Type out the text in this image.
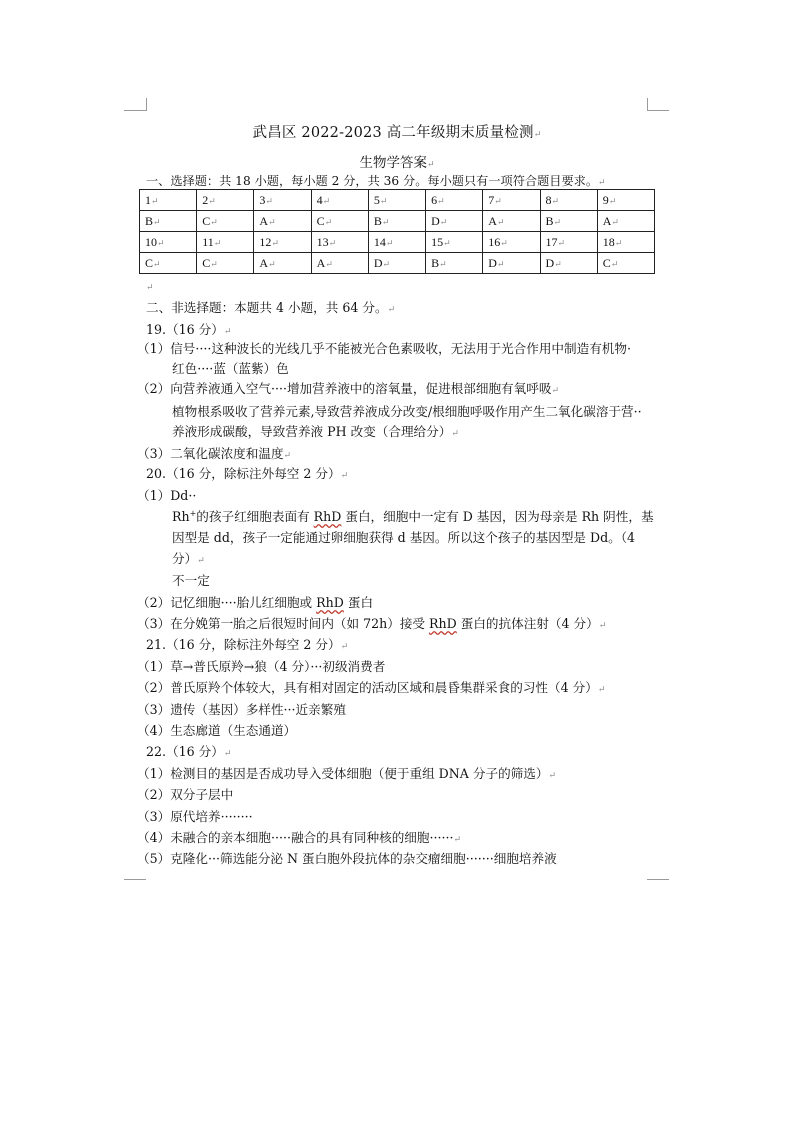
武昌区 2022-2023 高二年级期末质量检测↵
生物学答案↵
一、选择题：共 18 小题，每小题 2 分，共 36 分。每小题只有一项符合题目要求。↵
1↵	2↵	3↵	4↵	5↵	6↵	7↵	8↵	9↵
B↵	C↵	A↵	C↵	B↵	D↵	A↵	B↵	A↵
10↵	11↵	12↵	13↵	14↵	15↵	16↵	17↵	18↵
C↵	C↵	A↵	A↵	D↵	B↵	D↵	D↵	C↵
↵
二、非选择题：本题共 4 小题，共 64 分。↵
19.（16 分）↵
（1）信号····这种波长的光线几乎不能被光合色素吸收，无法用于光合作用中制造有机物·
红色····蓝（蓝紫）色
（2）向营养液通入空气····增加营养液中的溶氧量，促进根部细胞有氧呼吸↵
植物根系吸收了营养元素,导致营养液成分改变/根细胞呼吸作用产生二氧化碳溶于营··
养液形成碳酸，导致营养液 PH 改变（合理给分）↵
（3）二氧化碳浓度和温度↵
20.（16 分，除标注外每空 2 分）↵
（1）Dd··
Rh+的孩子红细胞表面有 RhD 蛋白，细胞中一定有 D 基因，因为母亲是 Rh 阴性，基
因型是 dd，孩子一定能通过卵细胞获得 d 基因。所以这个孩子的基因型是 Dd。（4
分）↵
不一定
（2）记忆细胞····胎儿红细胞或 RhD 蛋白
（3）在分娩第一胎之后很短时间内（如 72h）接受 RhD 蛋白的抗体注射（4 分）↵
21.（16 分，除标注外每空 2 分）↵
（1）草→普氏原羚→狼（4 分）···初级消费者
（2）普氏原羚个体较大，具有相对固定的活动区域和晨昏集群采食的习性（4 分）↵
（3）遗传（基因）多样性···近亲繁殖
（4）生态廊道（生态通道）
22.（16 分）↵
（1）检测目的基因是否成功导入受体细胞（便于重组 DNA 分子的筛选）↵
（2）双分子层中
（3）原代培养········
（4）未融合的亲本细胞·····融合的具有同种核的细胞······↵
（5）克隆化···筛选能分泌 N 蛋白胞外段抗体的杂交瘤细胞·······细胞培养液
